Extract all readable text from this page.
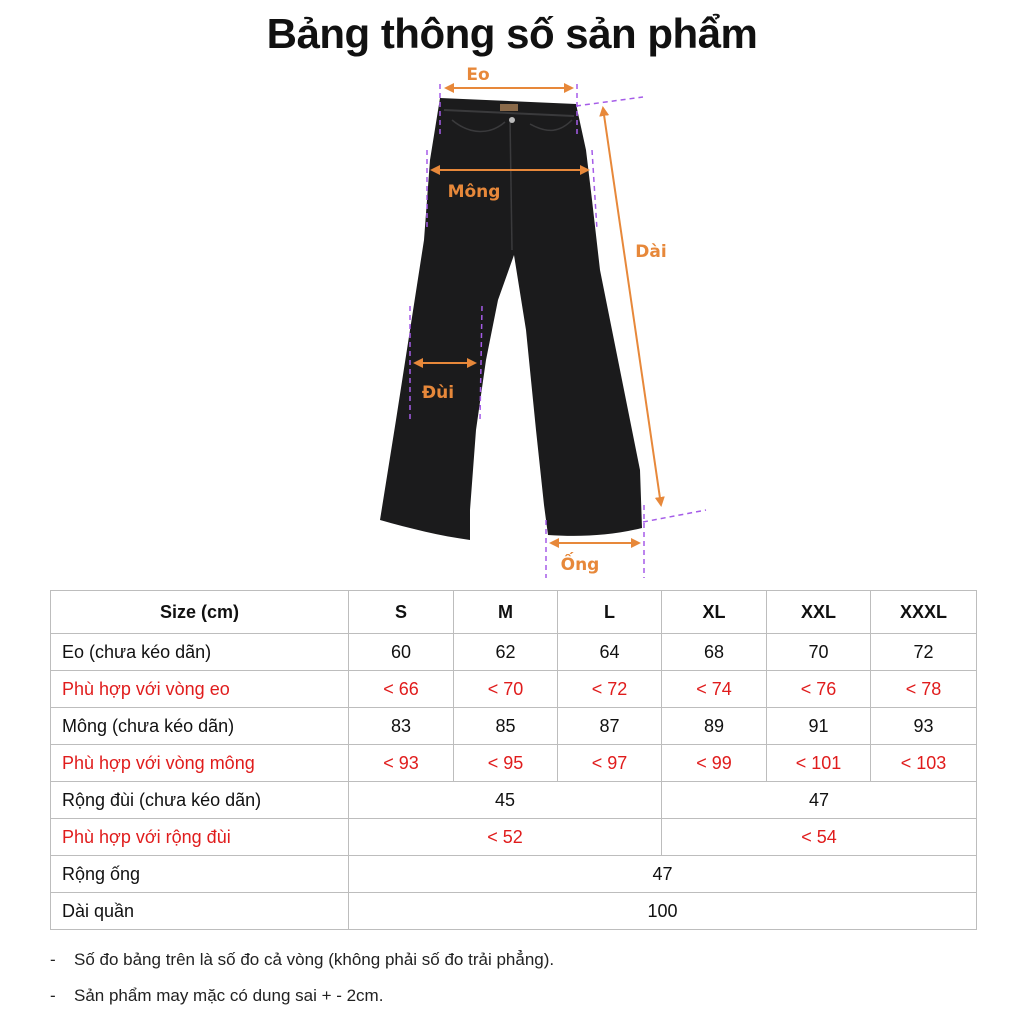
Bảng thông số sản phẩm
Eo
Mông
Dài
Đùi
Ống
Size (cm)	S	M	L	XL	XXL	XXXL
Eo (chưa kéo dãn)	60	62	64	68	70	72
Phù hợp với vòng eo	< 66	< 70	< 72	< 74	< 76	< 78
Mông (chưa kéo dãn)	83	85	87	89	91	93
Phù hợp với vòng mông	< 93	< 95	< 97	< 99	< 101	< 103
Rộng đùi (chưa kéo dãn)	45			47		
Phù hợp với rộng đùi	< 52			< 54		
Rộng ống	47					
Dài quần	100					
-	Số đo bảng trên là số đo cả vòng (không phải số đo trải phẳng).
-	Sản phẩm may mặc có dung sai + - 2cm.
